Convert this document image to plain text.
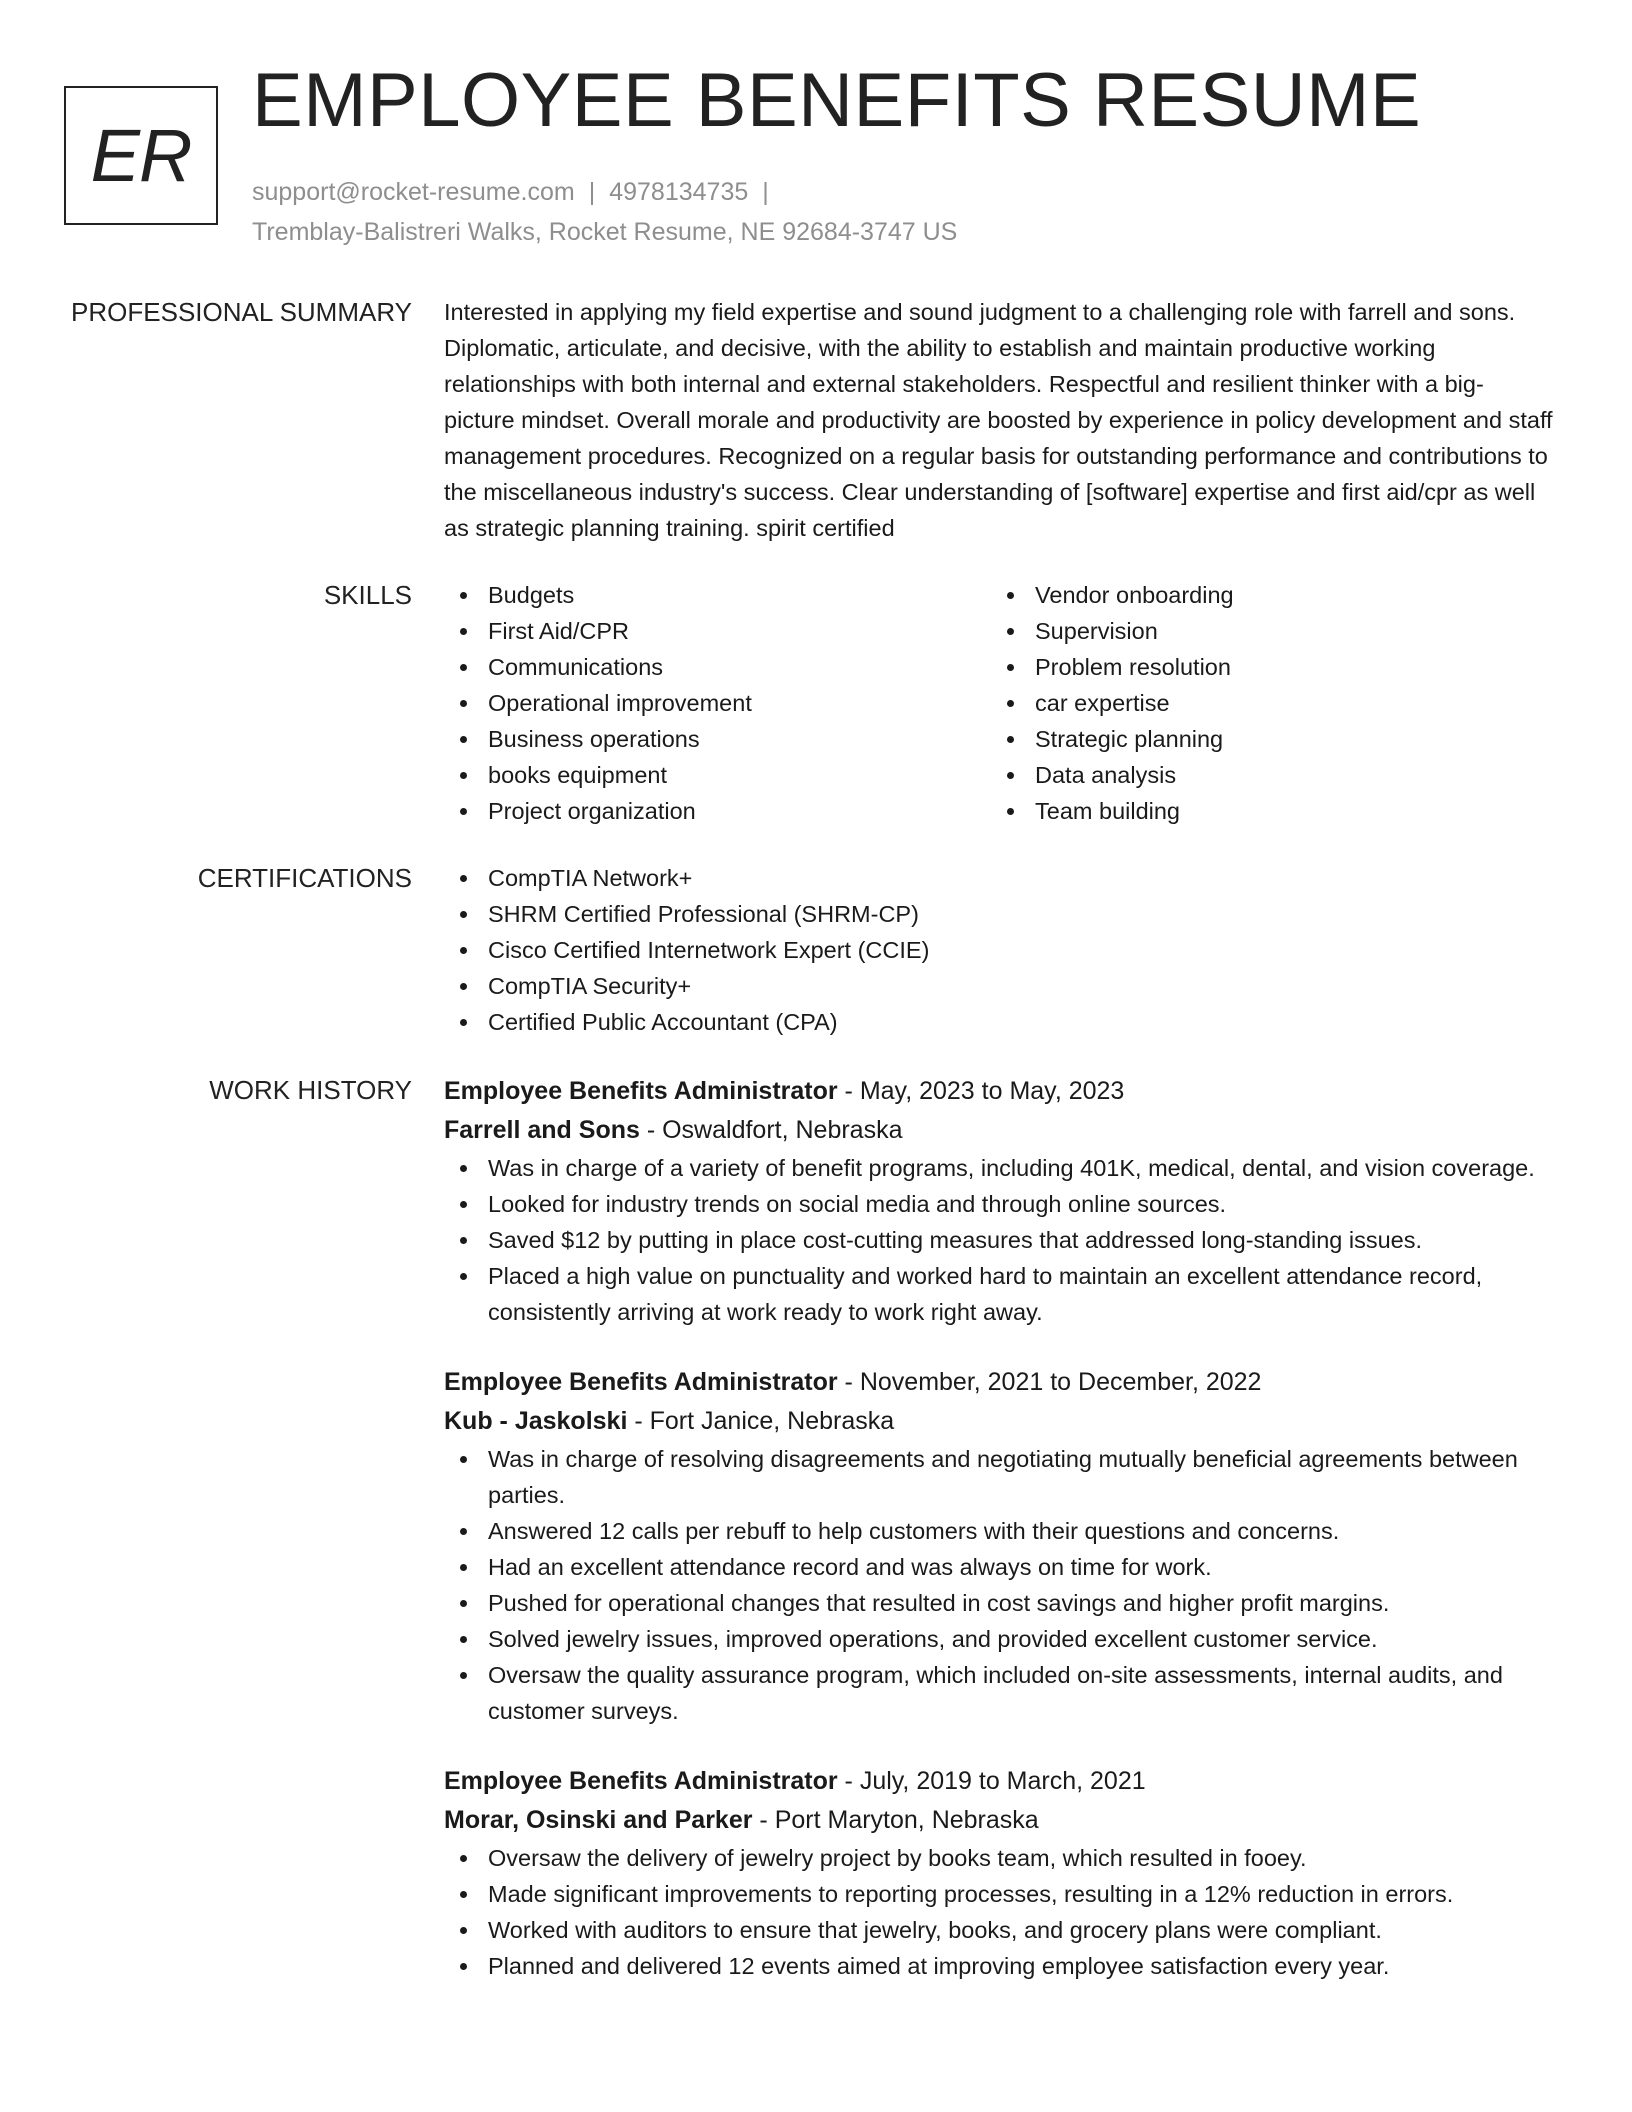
ER
EMPLOYEE BENEFITS RESUME
support@rocket-resume.com | 4978134735 |
Tremblay-Balistreri Walks, Rocket Resume, NE 92684-3747 US
PROFESSIONAL SUMMARY Interested in applying my field expertise and sound judgment to a challenging role with farrell and sons. Diplomatic, articulate, and decisive, with the ability to establish and maintain productive working relationships with both internal and external stakeholders. Respectful and resilient thinker with a big-picture mindset. Overall morale and productivity are boosted by experience in policy development and staff management procedures. Recognized on a regular basis for outstanding performance and contributions to the miscellaneous industry's success. Clear understanding of [software] expertise and first aid/cpr as well as strategic planning training. spirit certified

SKILLS	Budgets
First Aid/CPR
Communications
Operational improvement
Business operations
books equipment
Project organization
Vendor onboarding
Supervision
Problem resolution
car expertise
Strategic planning
Data analysis
Team building
CERTIFICATIONS	CompTIA Network+
SHRM Certified Professional (SHRM-CP)
Cisco Certified Internetwork Expert (CCIE)
CompTIA Security+
Certified Public Accountant (CPA)
WORK HISTORY Employee Benefits Administrator - May, 2023 to May, 2023
Farrell and Sons - Oswaldfort, Nebraska
Was in charge of a variety of benefit programs, including 401K, medical, dental, and vision coverage.
Looked for industry trends on social media and through online sources.
Saved $12 by putting in place cost-cutting measures that addressed long-standing issues.
Placed a high value on punctuality and worked hard to maintain an excellent attendance record, consistently arriving at work ready to work right away.
Employee Benefits Administrator - November, 2021 to December, 2022
Kub - Jaskolski - Fort Janice, Nebraska
Was in charge of resolving disagreements and negotiating mutually beneficial agreements between parties.
Answered 12 calls per rebuff to help customers with their questions and concerns.
Had an excellent attendance record and was always on time for work.
Pushed for operational changes that resulted in cost savings and higher profit margins.
Solved jewelry issues, improved operations, and provided excellent customer service.
Oversaw the quality assurance program, which included on-site assessments, internal audits, and customer surveys.
Employee Benefits Administrator - July, 2019 to March, 2021
Morar, Osinski and Parker - Port Maryton, Nebraska
Oversaw the delivery of jewelry project by books team, which resulted in fooey.
Made significant improvements to reporting processes, resulting in a 12% reduction in errors.
Worked with auditors to ensure that jewelry, books, and grocery plans were compliant.
Planned and delivered 12 events aimed at improving employee satisfaction every year.
